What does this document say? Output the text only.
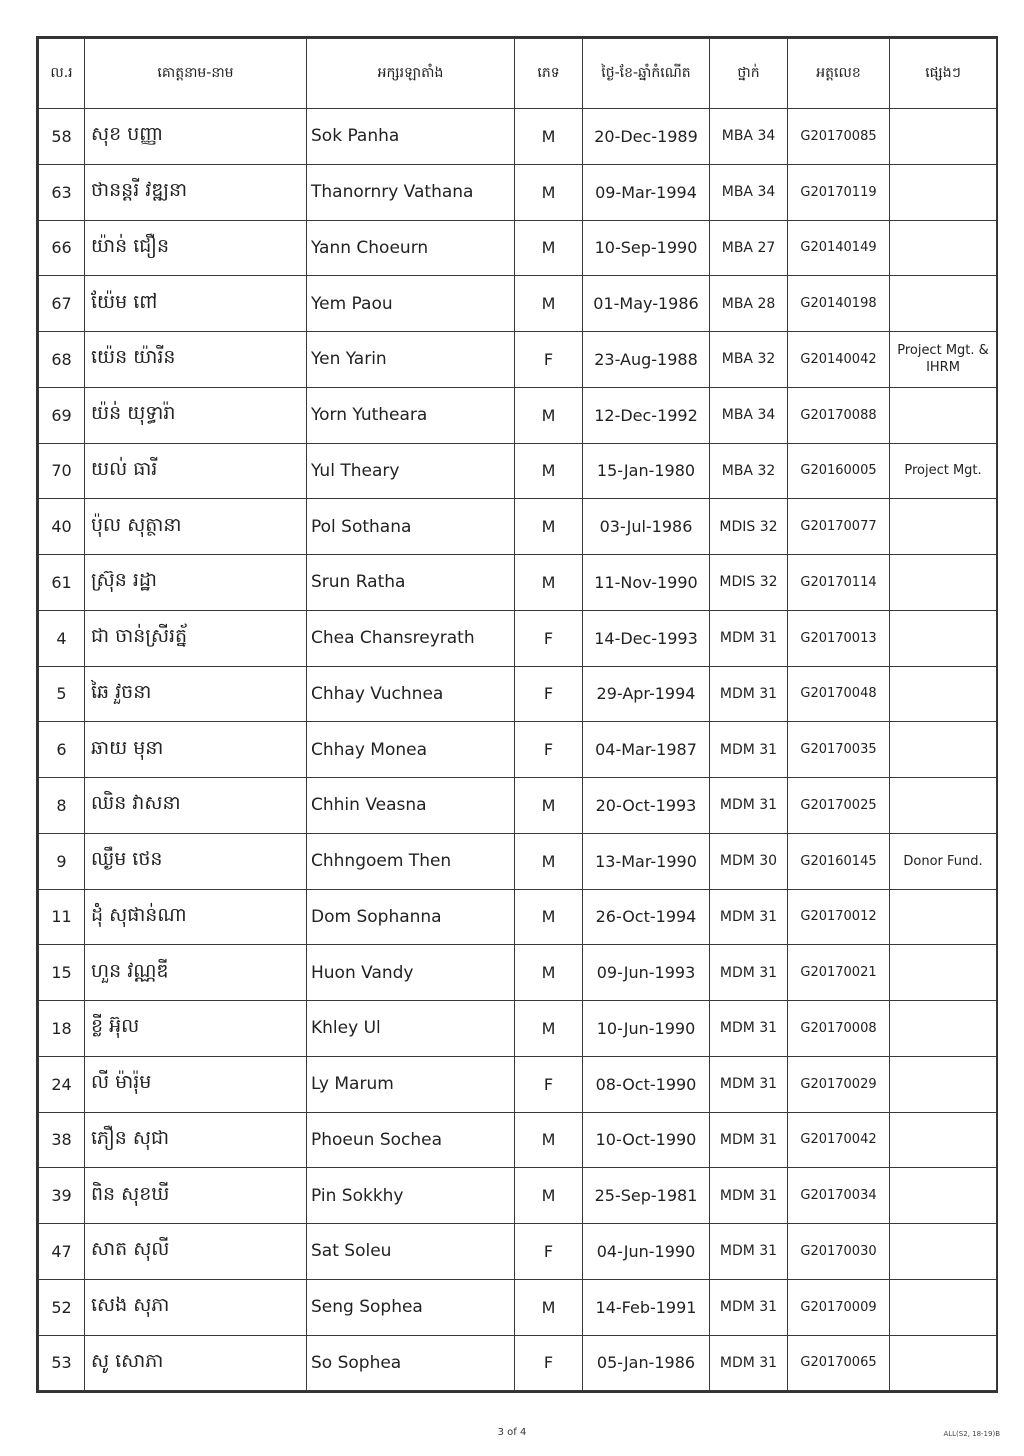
ល.រ	គោត្តនាម-នាម	អក្សរឡាតាំង	ភេទ	ថ្ងៃ-ខែ-ឆ្នាំកំណើត	ថ្នាក់	អត្តលេខ	ផ្សេងៗ
58	សុខ បញ្ញា	Sok Panha	M	20-Dec-1989	MBA 34	G20170085	
63	ថានន្តរី វឌ្ឍនា	Thanornry Vathana	M	09-Mar-1994	MBA 34	G20170119	
66	យ៉ាន់ ជឿន	Yann Choeurn	M	10-Sep-1990	MBA 27	G20140149	
67	យ៉ែម ពៅ	Yem Paou	M	01-May-1986	MBA 28	G20140198	
68	យ៉េន យ៉ារីន	Yen Yarin	F	23-Aug-1988	MBA 32	G20140042	Project Mgt. & IHRM
69	យ៉ន់ យុទ្ធារ៉ា	Yorn Yutheara	M	12-Dec-1992	MBA 34	G20170088	
70	យល់ ធារី	Yul Theary	M	15-Jan-1980	MBA 32	G20160005	Project Mgt.
40	ប៉ុល សុត្ថានា	Pol Sothana	M	03-Jul-1986	MDIS 32	G20170077	
61	ស្រ៊ុន រដ្ឋា	Srun Ratha	M	11-Nov-1990	MDIS 32	G20170114	
4	ជា ចាន់ស្រីរត្ន័	Chea Chansreyrath	F	14-Dec-1993	MDM 31	G20170013	
5	ឆៃ វួចនា	Chhay Vuchnea	F	29-Apr-1994	MDM 31	G20170048	
6	ឆាយ មុនា	Chhay Monea	F	04-Mar-1987	MDM 31	G20170035	
8	ឈិន វាសនា	Chhin Veasna	M	20-Oct-1993	MDM 31	G20170025	
9	ឈ្ងឹម ថេន	Chhngoem Then	M	13-Mar-1990	MDM 30	G20160145	Donor Fund.
11	ដុំ សុផាន់ណា	Dom Sophanna	M	26-Oct-1994	MDM 31	G20170012	
15	ហួន វណ្ណឌី	Huon Vandy	M	09-Jun-1993	MDM 31	G20170021	
18	ខ្លី អ៊ុល	Khley Ul	M	10-Jun-1990	MDM 31	G20170008	
24	លី ម៉ារ៉ុម	Ly Marum	F	08-Oct-1990	MDM 31	G20170029	
38	ភឿន សុជា	Phoeun Sochea	M	10-Oct-1990	MDM 31	G20170042	
39	ពិន សុខឃី	Pin Sokkhy	M	25-Sep-1981	MDM 31	G20170034	
47	សាត សុលី	Sat Soleu	F	04-Jun-1990	MDM 31	G20170030	
52	សេង សុភា	Seng Sophea	M	14-Feb-1991	MDM 31	G20170009	
53	សូ សោភា	So Sophea	F	05-Jan-1986	MDM 31	G20170065	
3 of 4	ALL(S2, 18-19)B
